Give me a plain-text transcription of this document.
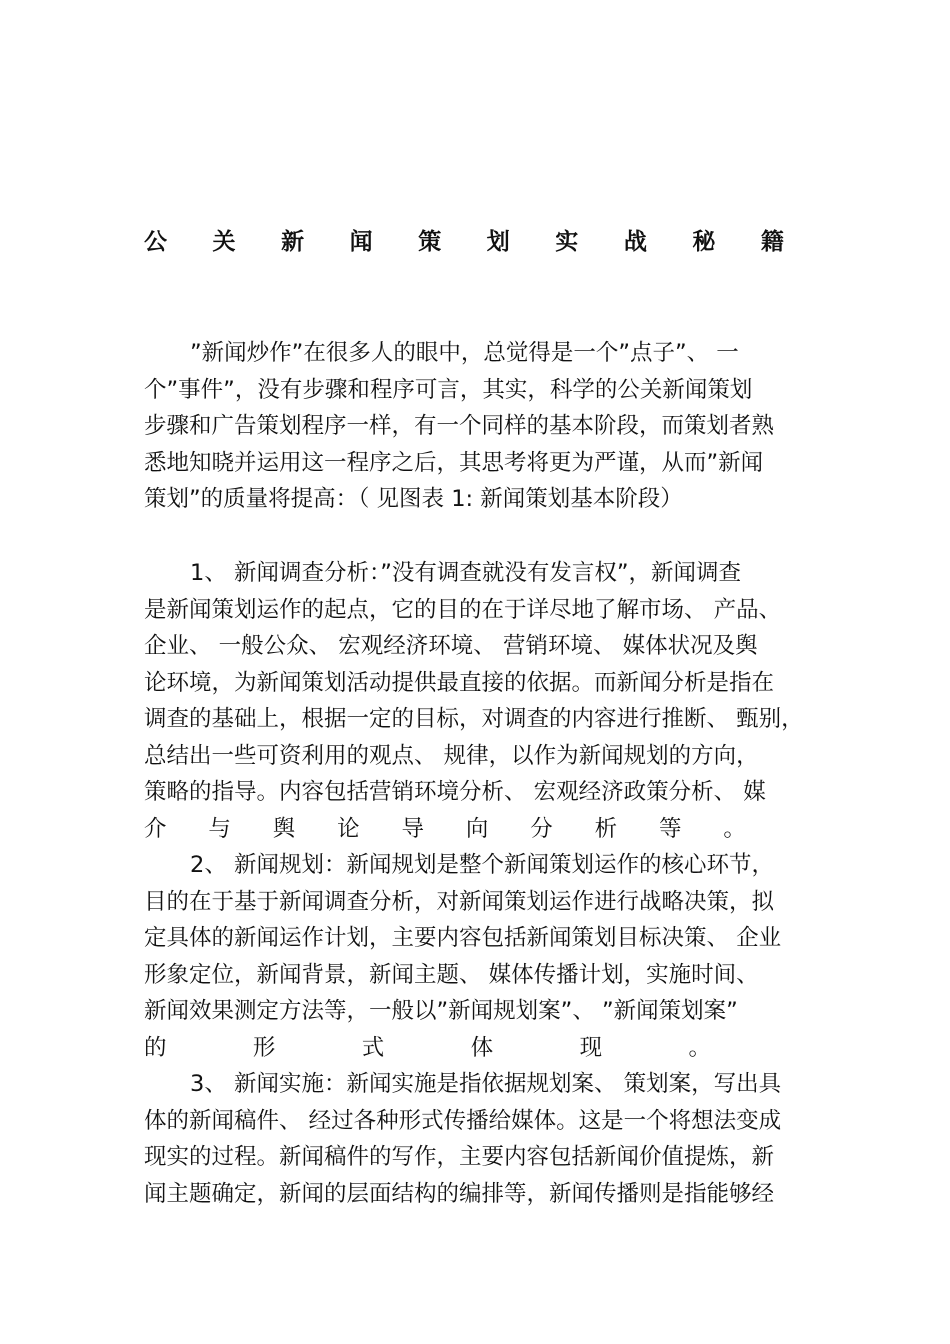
公 关 新 闻 策 划 实 战 秘 籍
”新闻炒作”在很多人的眼中，总觉得是一个”点子”、 一
个”事件”，没有步骤和程序可言，其实，科学的公关新闻策划
步骤和广告策划程序一样，有一个同样的基本阶段，而策划者熟
悉地知晓并运用这一程序之后，其思考将更为严谨，从而”新闻
策划”的质量将提高：（ 见图表 1: 新闻策划基本阶段）
1、 新闻调查分析：”没有调查就没有发言权”，新闻调查
是新闻策划运作的起点，它的目的在于详尽地了解市场、 产品、
企业、 一般公众、 宏观经济环境、 营销环境、 媒体状况及舆
论环境，为新闻策划活动提供最直接的依据。而新闻分析是指在
调查的基础上，根据一定的目标，对调查的内容进行推断、 甄别，
总结出一些可资利用的观点、 规律，以作为新闻规划的方向，
策略的指导。内容包括营销环境分析、 宏观经济政策分析、 媒
介 与 舆 论 导 向 分 析 等 。
2、 新闻规划：新闻规划是整个新闻策划运作的核心环节，
目的在于基于新闻调查分析，对新闻策划运作进行战略决策，拟
定具体的新闻运作计划，主要内容包括新闻策划目标决策、 企业
形象定位，新闻背景，新闻主题、 媒体传播计划，实施时间、
新闻效果测定方法等，一般以”新闻规划案”、 ”新闻策划案”
的	形	式	体	现	。
3、 新闻实施：新闻实施是指依据规划案、 策划案，写出具
体的新闻稿件、 经过各种形式传播给媒体。这是一个将想法变成
现实的过程。新闻稿件的写作，主要内容包括新闻价值提炼，新
闻主题确定，新闻的层面结构的编排等，新闻传播则是指能够经
